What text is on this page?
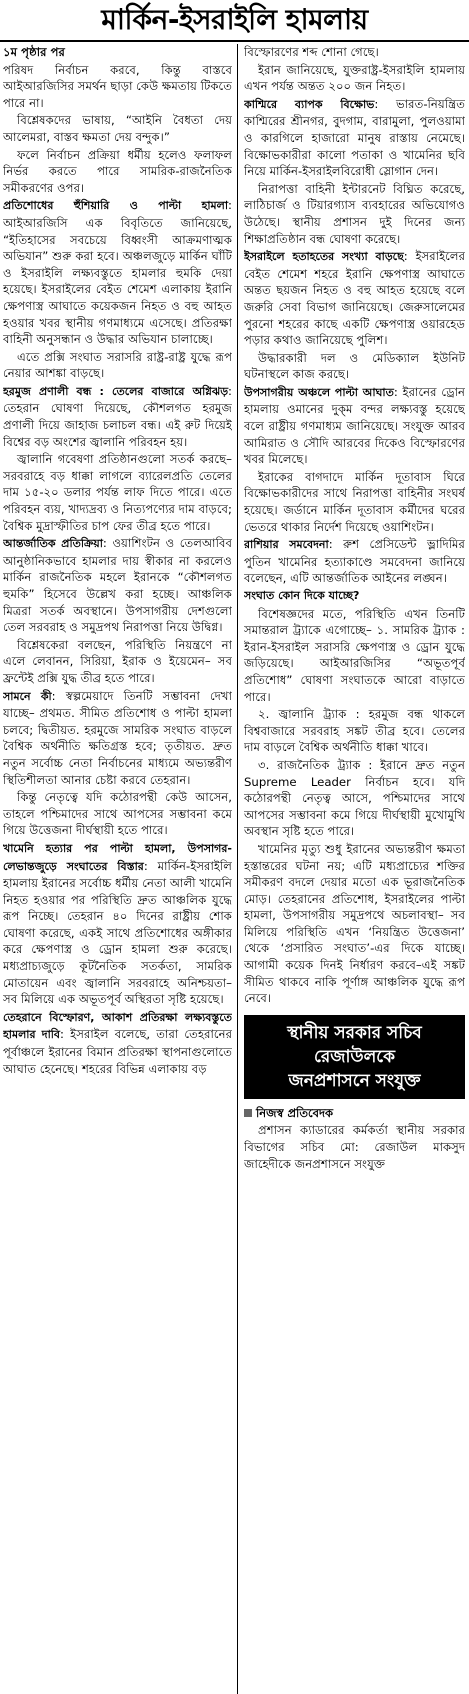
মার্কিন-ইসরাইলি হামলায়

১ম পৃষ্ঠার পর

পরিষদ নির্বাচন করবে, কিন্তু বাস্তবে আইআরজিসির সমর্থন ছাড়া কেউ ক্ষমতায় টিকতে পারে না।

বিশ্লেষকদের ভাষায়, “আইনি বৈধতা দেয় আলেমরা, বাস্তব ক্ষমতা দেয় বন্দুক।”

ফলে নির্বাচন প্রক্রিয়া ধর্মীয় হলেও ফলাফল নির্ভর করতে পারে সামরিক-রাজনৈতিক সমীকরণের ওপর।

প্রতিশোধের হুঁশিয়ারি ও পাল্টা হামলা: আইআরজিসি এক বিবৃতিতে জানিয়েছে, “ইতিহাসের সবচেয়ে বিধ্বংসী আক্রমণাত্মক অভিযান” শুরু করা হবে। অঞ্চলজুড়ে মার্কিন ঘাঁটি ও ইসরাইলি লক্ষ্যবস্তুতে হামলার হুমকি দেয়া হয়েছে। ইসরাইলের বেইত শেমেশ এলাকায় ইরানি ক্ষেপণাস্ত্র আঘাতে কয়েকজন নিহত ও বহু আহত হওয়ার খবর স্থানীয় গণমাধ্যমে এসেছে। প্রতিরক্ষা বাহিনী অনুসন্ধান ও উদ্ধার অভিযান চালাচ্ছে।

এতে প্রক্সি সংঘাত সরাসরি রাষ্ট্র-রাষ্ট্র যুদ্ধে রূপ নেয়ার আশঙ্কা বাড়ছে।

হরমুজ প্রণালী বন্ধ : তেলের বাজারে অগ্নিঝড়: তেহরান ঘোষণা দিয়েছে, কৌশলগত হরমুজ প্রণালী দিয়ে জাহাজ চলাচল বন্ধ। এই রুট দিয়েই বিশ্বের বড় অংশের জ্বালানি পরিবহন হয়।

জ্বালানি গবেষণা প্রতিষ্ঠানগুলো সতর্ক করছে– সরবরাহে বড় ধাক্কা লাগলে ব্যারেলপ্রতি তেলের দাম ১৫-২০ ডলার পর্যন্ত লাফ দিতে পারে। এতে পরিবহন ব্যয়, খাদ্যদ্রব্য ও নিত্যপণ্যের দাম বাড়বে; বৈশ্বিক মুদ্রাস্ফীতির চাপ ফের তীব্র হতে পারে।

আন্তর্জাতিক প্রতিক্রিয়া: ওয়াশিংটন ও তেলআবিব আনুষ্ঠানিকভাবে হামলার দায় স্বীকার না করলেও মার্কিন রাজনৈতিক মহলে ইরানকে “কৌশলগত হুমকি” হিসেবে উল্লেখ করা হচ্ছে। আঞ্চলিক মিত্ররা সতর্ক অবস্থানে। উপসাগরীয় দেশগুলো তেল সরবরাহ ও সমুদ্রপথ নিরাপত্তা নিয়ে উদ্বিগ্ন।

বিশ্লেষকেরা বলছেন, পরিস্থিতি নিয়ন্ত্রণে না এলে লেবানন, সিরিয়া, ইরাক ও ইয়েমেন– সব ফ্রন্টেই প্রক্সি যুদ্ধ তীব্র হতে পারে।

সামনে কী: স্বল্পমেয়াদে তিনটি সম্ভাবনা দেখা যাচ্ছে– প্রথমত. সীমিত প্রতিশোধ ও পাল্টা হামলা চলবে; দ্বিতীয়ত. হরমুজে সামরিক সংঘাত বাড়লে বৈশ্বিক অর্থনীতি ক্ষতিগ্রস্ত হবে; তৃতীয়ত. দ্রুত নতুন সর্বোচ্চ নেতা নির্বাচনের মাধ্যমে অভ্যন্তরীণ স্থিতিশীলতা আনার চেষ্টা করবে তেহরান।

কিন্তু নেতৃত্বে যদি কঠোরপন্থী কেউ আসেন, তাহলে পশ্চিমাদের সাথে আপসের সম্ভাবনা কমে গিয়ে উত্তেজনা দীর্ঘস্থায়ী হতে পারে।

খামেনি হত্যার পর পাল্টা হামলা, উপসাগর-লেভান্তজুড়ে সংঘাতের বিস্তার: মার্কিন-ইসরাইলি হামলায় ইরানের সর্বোচ্চ ধর্মীয় নেতা আলী খামেনি নিহত হওয়ার পর পরিস্থিতি দ্রুত আঞ্চলিক যুদ্ধে রূপ নিচ্ছে। তেহরান ৪০ দিনের রাষ্ট্রীয় শোক ঘোষণা করেছে, একই সাথে প্রতিশোধের অঙ্গীকার করে ক্ষেপণাস্ত্র ও ড্রোন হামলা শুরু করেছে। মধ্যপ্রাচ্যজুড়ে কূটনৈতিক সতর্কতা, সামরিক মোতায়েন এবং জ্বালানি সরবরাহে অনিশ্চয়তা– সব মিলিয়ে এক অভূতপূর্ব অস্থিরতা সৃষ্টি হয়েছে।

তেহরানে বিস্ফোরণ, আকাশ প্রতিরক্ষা লক্ষ্যবস্তুতে হামলার দাবি: ইসরাইল বলেছে, তারা তেহরানের পূর্বাঞ্চলে ইরানের বিমান প্রতিরক্ষা স্থাপনাগুলোতে আঘাত হেনেছে। শহরের বিভিন্ন এলাকায় বড়

বিস্ফোরণের শব্দ শোনা গেছে।

ইরান জানিয়েছে, যুক্তরাষ্ট্র-ইসরাইলি হামলায় এখন পর্যন্ত অন্তত ২০০ জন নিহত।

কাশ্মিরে ব্যাপক বিক্ষোভ: ভারত-নিয়ন্ত্রিত কাশ্মিরের শ্রীনগর, বুদগাম, বারামুলা, পুলওয়ামা ও কারগিলে হাজারো মানুষ রাস্তায় নেমেছে। বিক্ষোভকারীরা কালো পতাকা ও খামেনির ছবি নিয়ে মার্কিন-ইসরাইলবিরোধী স্লোগান দেন।

নিরাপত্তা বাহিনী ইন্টারনেট বিঘ্নিত করেছে, লাঠিচার্জ ও টিয়ারগ্যাস ব্যবহারের অভিযোগও উঠেছে। স্থানীয় প্রশাসন দুই দিনের জন্য শিক্ষাপ্রতিষ্ঠান বন্ধ ঘোষণা করেছে।

ইসরাইলে হতাহতের সংখ্যা বাড়ছে: ইসরাইলের বেইত শেমেশ শহরে ইরানি ক্ষেপণাস্ত্র আঘাতে অন্তত ছয়জন নিহত ও বহু আহত হয়েছে বলে জরুরি সেবা বিভাগ জানিয়েছে। জেরুসালেমের পুরনো শহরের কাছে একটি ক্ষেপণাস্ত্র ওয়ারহেড পড়ার কথাও জানিয়েছে পুলিশ।

উদ্ধারকারী দল ও মেডিক্যাল ইউনিট ঘটনাস্থলে কাজ করছে।

উপসাগরীয় অঞ্চলে পাল্টা আঘাত: ইরানের ড্রোন হামলায় ওমানের দুক্‌ম বন্দর লক্ষ্যবস্তু হয়েছে বলে রাষ্ট্রীয় গণমাধ্যম জানিয়েছে। সংযুক্ত আরব আমিরাত ও সৌদি আরবের দিকেও বিস্ফোরণের খবর মিলেছে।

ইরাকের বাগদাদে মার্কিন দূতাবাস ঘিরে বিক্ষোভকারীদের সাথে নিরাপত্তা বাহিনীর সংঘর্ষ হয়েছে। জর্ডানে মার্কিন দূতাবাস কর্মীদের ঘরের ভেতরে থাকার নির্দেশ দিয়েছে ওয়াশিংটন।

রাশিয়ার সমবেদনা: রুশ প্রেসিডেন্ট ভ্লাদিমির পুতিন খামেনির হত্যাকাণ্ডে সমবেদনা জানিয়ে বলেছেন, এটি আন্তর্জাতিক আইনের লঙ্ঘন।

সংঘাত কোন দিকে যাচ্ছে?

বিশেষজ্ঞদের মতে, পরিস্থিতি এখন তিনটি সমান্তরাল ট্র্যাকে এগোচ্ছে– ১. সামরিক ট্র্যাক : ইরান-ইসরাইল সরাসরি ক্ষেপণাস্ত্র ও ড্রোন যুদ্ধে জড়িয়েছে। আইআরজিসির “অভূতপূর্ব প্রতিশোধ” ঘোষণা সংঘাতকে আরো বাড়াতে পারে।

২. জ্বালানি ট্র্যাক : হরমুজ বন্ধ থাকলে বিশ্ববাজারে সরবরাহ সঙ্কট তীব্র হবে। তেলের দাম বাড়লে বৈশ্বিক অর্থনীতি ধাক্কা খাবে।

৩. রাজনৈতিক ট্র্যাক : ইরানে দ্রুত নতুন Supreme Leader নির্বাচন হবে। যদি কঠোরপন্থী নেতৃত্ব আসে, পশ্চিমাদের সাথে আপসের সম্ভাবনা কমে গিয়ে দীর্ঘস্থায়ী মুখোমুখি অবস্থান সৃষ্টি হতে পারে।

খামেনির মৃত্যু শুধু ইরানের অভ্যন্তরীণ ক্ষমতা হস্তান্তরের ঘটনা নয়; এটি মধ্যপ্রাচ্যের শক্তির সমীকরণ বদলে দেয়ার মতো এক ভূরাজনৈতিক মোড়। তেহরানের প্রতিশোধ, ইসরাইলের পাল্টা হামলা, উপসাগরীয় সমুদ্রপথে অচলাবস্থা– সব মিলিয়ে পরিস্থিতি এখন ‘নিয়ন্ত্রিত উত্তেজনা’ থেকে ‘প্রসারিত সংঘাত’-এর দিকে যাচ্ছে। আগামী কয়েক দিনই নির্ধারণ করবে–এই সঙ্কট সীমিত থাকবে নাকি পূর্ণাঙ্গ আঞ্চলিক যুদ্ধে রূপ নেবে।

স্থানীয় সরকার সচিব
রেজাউলকে
জনপ্রশাসনে সংযুক্ত

নিজস্ব প্রতিবেদক

প্রশাসন ক্যাডারের কর্মকর্তা স্থানীয় সরকার বিভাগের সচিব মো: রেজাউল মাকসুদ জাহেদীকে জনপ্রশাসনে সংযুক্ত
